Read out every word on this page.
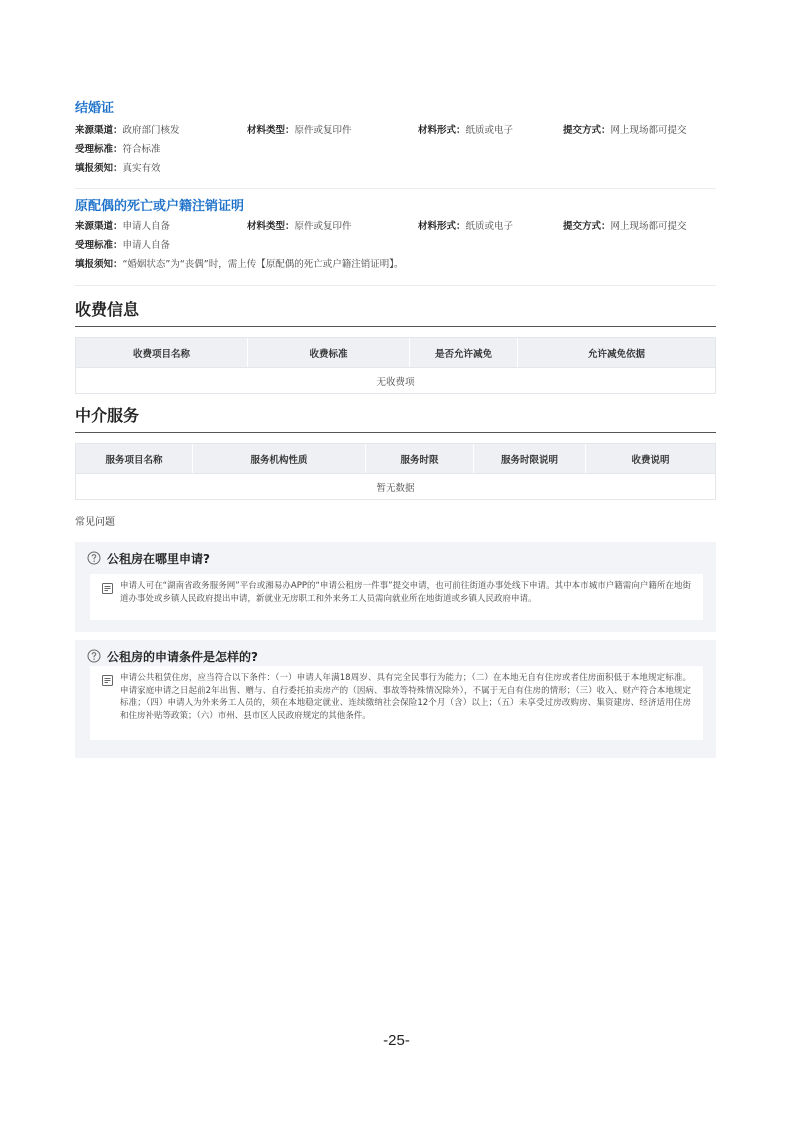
结婚证
来源渠道：政府部门核发	材料类型：原件或复印件	材料形式：纸质或电子	提交方式：网上现场都可提交
受理标准：符合标准
填报须知：真实有效
原配偶的死亡或户籍注销证明
来源渠道：申请人自备	材料类型：原件或复印件	材料形式：纸质或电子	提交方式：网上现场都可提交
受理标准：申请人自备
填报须知：“婚姻状态”为“丧偶”时，需上传【原配偶的死亡或户籍注销证明】。
收费信息
收费项目名称	收费标准	是否允许减免	允许减免依据
无收费项
中介服务
服务项目名称	服务机构性质	服务时限	服务时限说明	收费说明
暂无数据
常见问题
公租房在哪里申请?
申请人可在“湖南省政务服务网”平台或湘易办APP的“申请公租房一件事”提交申请，也可前往街道办事处线下申请。其中本市城市户籍需向户籍所在地街道办事处或乡镇人民政府提出申请，新就业无房职工和外来务工人员需向就业所在地街道或乡镇人民政府申请。
公租房的申请条件是怎样的?
申请公共租赁住房，应当符合以下条件：（一）申请人年满18周岁、具有完全民事行为能力；（二）在本地无自有住房或者住房面积低于本地规定标准。申请家庭申请之日起前2年出售、赠与、自行委托拍卖房产的（因病、事故等特殊情况除外），不属于无自有住房的情形；（三）收入、财产符合本地规定标准；（四）申请人为外来务工人员的，须在本地稳定就业、连续缴纳社会保险12个月（含）以上；（五）未享受过房改购房、集资建房、经济适用住房和住房补贴等政策；（六）市州、县市区人民政府规定的其他条件。
-25-
